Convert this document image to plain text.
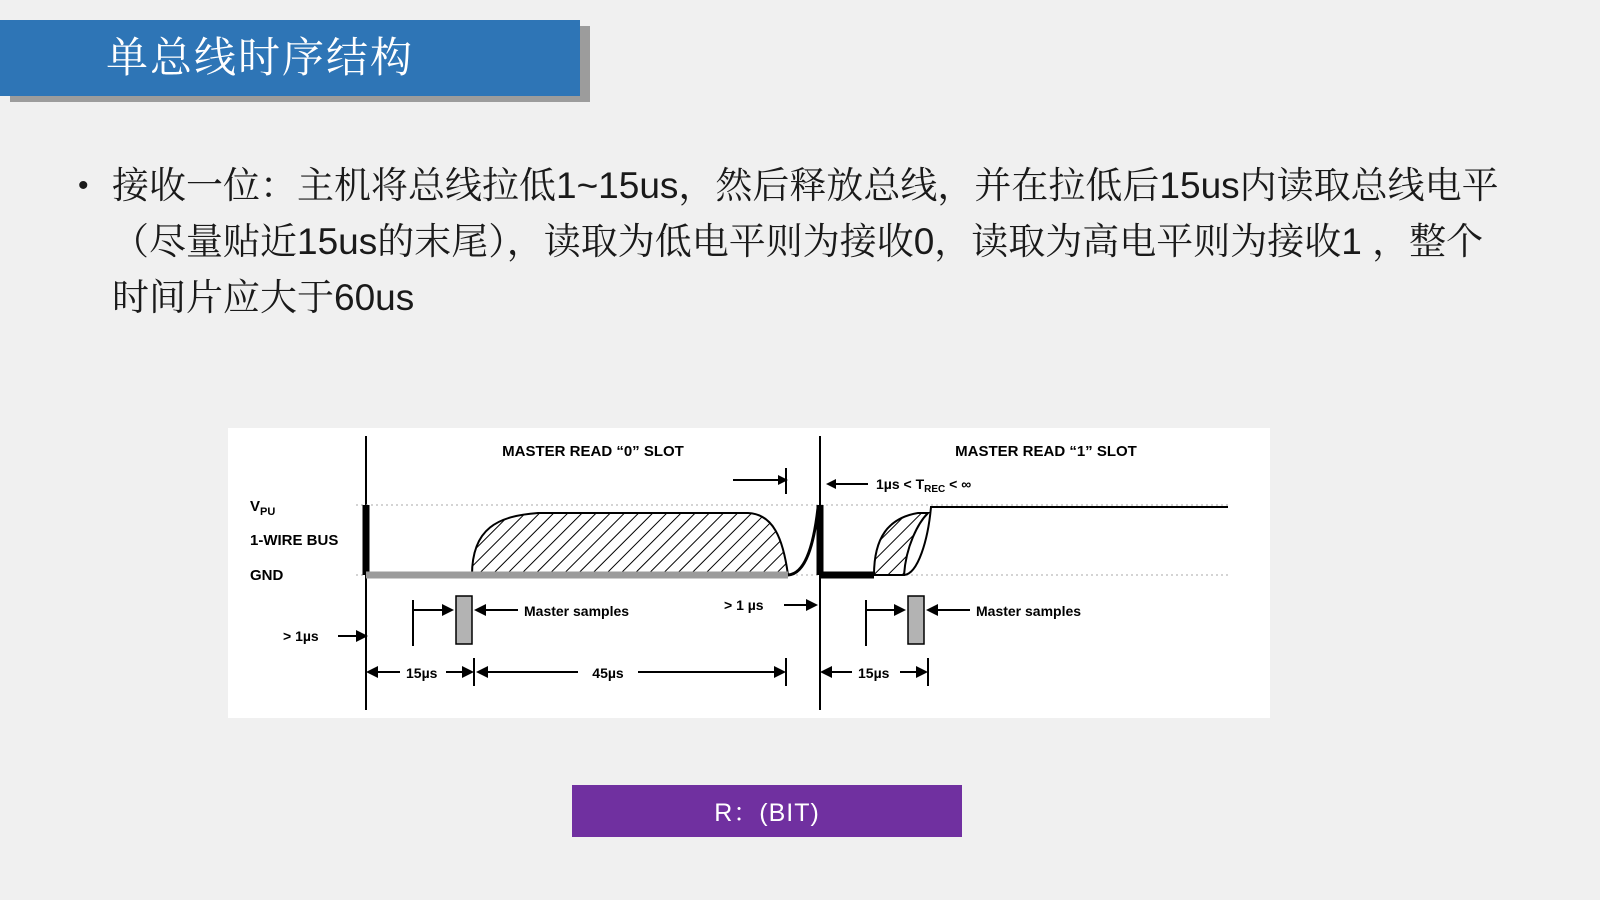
单总线时序结构
• 接收一位：主机将总线拉低1~15us，然后释放总线，并在拉低后15us内读取总线电平（尽量贴近15us的末尾），读取为低电平则为接收0，读取为高电平则为接收1 ，整个时间片应大于60us
MASTER READ “0” SLOT	MASTER READ “1” SLOT
$V_{PU}$
1-WIRE BUS
GND
$1\mu s < T_{REC}$ < ∞
> 1µs
Master samples	> 1 µs	Master samples
15µs	45µs	15µs
R：(BIT)
